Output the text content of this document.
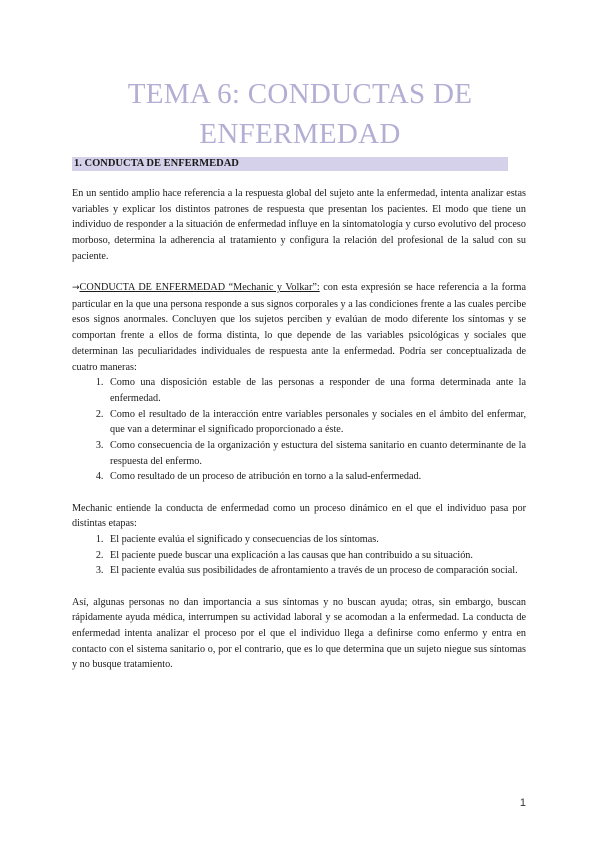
TEMA 6: CONDUCTAS DE
ENFERMEDAD
1. CONDUCTA DE ENFERMEDAD

En un sentido amplio hace referencia a la respuesta global del sujeto ante la enfermedad, intenta analizar estas variables y explicar los distintos patrones de respuesta que presentan los pacientes. El modo que tiene un individuo de responder a la situación de enfermedad influye en la sintomatología y curso evolutivo del proceso morboso, determina la adherencia al tratamiento y configura la relación del profesional de la salud con su paciente.

→CONDUCTA DE ENFERMEDAD “Mechanic y Volkar”: con esta expresión se hace referencia a la forma particular en la que una persona responde a sus signos corporales y a las condiciones frente a las cuales percibe esos signos anormales. Concluyen que los sujetos perciben y evalúan de modo diferente los síntomas y se comportan frente a ellos de forma distinta, lo que depende de las variables psicológicas y sociales que determinan las peculiaridades individuales de respuesta ante la enfermedad. Podría ser conceptualizada de cuatro maneras:
1. Como una disposición estable de las personas a responder de una forma determinada ante la enfermedad.
2. Como el resultado de la interacción entre variables personales y sociales en el ámbito del enfermar, que van a determinar el significado proporcionado a éste.
3. Como consecuencia de la organización y estuctura del sistema sanitario en cuanto determinante de la respuesta del enfermo.
4. Como resultado de un proceso de atribución en torno a la salud-enfermedad.
Mechanic entiende la conducta de enfermedad como un proceso dinámico en el que el individuo pasa por distintas etapas:
1. El paciente evalúa el significado y consecuencias de los síntomas.
2. El paciente puede buscar una explicación a las causas que han contribuido a su situación.
3. El paciente evalúa sus posibilidades de afrontamiento a través de un proceso de comparación social.

Así, algunas personas no dan importancia a sus síntomas y no buscan ayuda; otras, sin embargo, buscan rápidamente ayuda médica, interrumpen su actividad laboral y se acomodan a la enfermedad. La conducta de enfermedad intenta analizar el proceso por el que el individuo llega a definirse como enfermo y entra en contacto con el sistema sanitario o, por el contrario, que es lo que determina que un sujeto niegue sus síntomas y no busque tratamiento.

1
